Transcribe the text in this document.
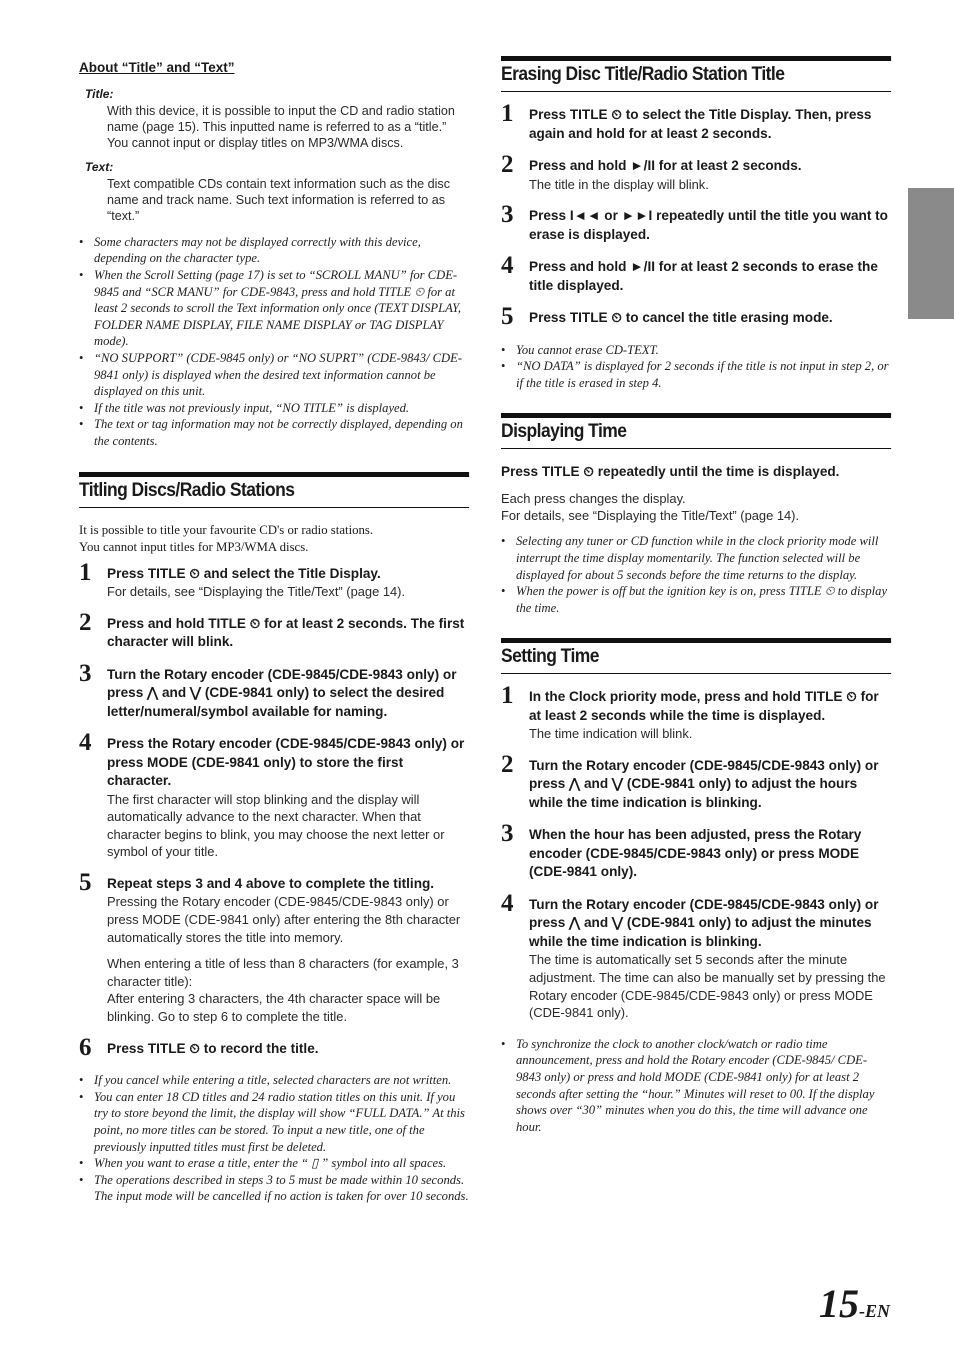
About “Title” and “Text”
Title:

With this device, it is possible to input the CD and radio station name (page 15). This inputted name is referred to as a “title.”

You cannot input or display titles on MP3/WMA discs.

Text:

Text compatible CDs contain text information such as the disc name and track name. Such text information is referred to as “text.”

• Some characters may not be displayed correctly with this device, depending on the character type.
• When the Scroll Setting (page 17) is set to “SCROLL MANU” for CDE-9845 and “SCR MANU” for CDE-9843, press and hold TITLE ⏲ for at least 2 seconds to scroll the Text information only once (TEXT DISPLAY, FOLDER NAME DISPLAY, FILE NAME DISPLAY or TAG DISPLAY mode).
• “NO SUPPORT” (CDE-9845 only) or “NO SUPRT” (CDE-9843/ CDE-9841 only) is displayed when the desired text information cannot be displayed on this unit.
• If the title was not previously input, “NO TITLE” is displayed.
• The text or tag information may not be correctly displayed, depending on the contents.
Titling Discs/Radio Stations

It is possible to title your favourite CD's or radio stations.

You cannot input titles for MP3/WMA discs.

1 Press TITLE ⏲ and select the Title Display.

For details, see “Displaying the Title/Text” (page 14).

2 Press and hold TITLE ⏲ for at least 2 seconds. The first character will blink.
3 Turn the Rotary encoder (CDE-9845/CDE-9843 only) or press ⋀ and ⋁ (CDE-9841 only) to select the desired letter/numeral/symbol available for naming.
4 Press the Rotary encoder (CDE-9845/CDE-9843 only) or press MODE (CDE-9841 only) to store the first character.

The first character will stop blinking and the display will automatically advance to the next character. When that character begins to blink, you may choose the next letter or symbol of your title.

5 Repeat steps 3 and 4 above to complete the titling.

Pressing the Rotary encoder (CDE-9845/CDE-9843 only) or press MODE (CDE-9841 only) after entering the 8th character automatically stores the title into memory.

When entering a title of less than 8 characters (for example, 3 character title):

After entering 3 characters, the 4th character space will be blinking. Go to step 6 to complete the title.

6 Press TITLE ⏲ to record the title.
• If you cancel while entering a title, selected characters are not written.
• You can enter 18 CD titles and 24 radio station titles on this unit. If you try to store beyond the limit, the display will show “FULL DATA.” At this point, no more titles can be stored. To input a new title, one of the previously inputted titles must first be deleted.
• When you want to erase a title, enter the “ ▯ ” symbol into all spaces.
• The operations described in steps 3 to 5 must be made within 10 seconds. The input mode will be cancelled if no action is taken for over 10 seconds.
Erasing Disc Title/Radio Station Title
1 Press TITLE ⏲ to select the Title Display. Then, press again and hold for at least 2 seconds.
2 Press and hold ►/II for at least 2 seconds.

The title in the display will blink.

3 Press I◄◄ or ►►I repeatedly until the title you want to erase is displayed.
4 Press and hold ►/II for at least 2 seconds to erase the title displayed.
5 Press TITLE ⏲ to cancel the title erasing mode.
• You cannot erase CD-TEXT.
• “NO DATA” is displayed for 2 seconds if the title is not input in step 2, or if the title is erased in step 4.
Displaying Time
Press TITLE ⏲ repeatedly until the time is displayed.

Each press changes the display.

For details, see “Displaying the Title/Text” (page 14).

• Selecting any tuner or CD function while in the clock priority mode will interrupt the time display momentarily. The function selected will be displayed for about 5 seconds before the time returns to the display.
• When the power is off but the ignition key is on, press TITLE ⏲ to display the time.
Setting Time
1 In the Clock priority mode, press and hold TITLE ⏲ for at least 2 seconds while the time is displayed.

The time indication will blink.

2 Turn the Rotary encoder (CDE-9845/CDE-9843 only) or press ⋀ and ⋁ (CDE-9841 only) to adjust the hours while the time indication is blinking.
3 When the hour has been adjusted, press the Rotary encoder (CDE-9845/CDE-9843 only) or press MODE (CDE-9841 only).
4 Turn the Rotary encoder (CDE-9845/CDE-9843 only) or press ⋀ and ⋁ (CDE-9841 only) to adjust the minutes while the time indication is blinking.

The time is automatically set 5 seconds after the minute adjustment. The time can also be manually set by pressing the Rotary encoder (CDE-9845/CDE-9843 only) or press MODE (CDE-9841 only).

• To synchronize the clock to another clock/watch or radio time announcement, press and hold the Rotary encoder (CDE-9845/ CDE-9843 only) or press and hold MODE (CDE-9841 only) for at least 2 seconds after setting the “hour.” Minutes will reset to 00. If the display shows over “30” minutes when you do this, the time will advance one hour.
15-EN
